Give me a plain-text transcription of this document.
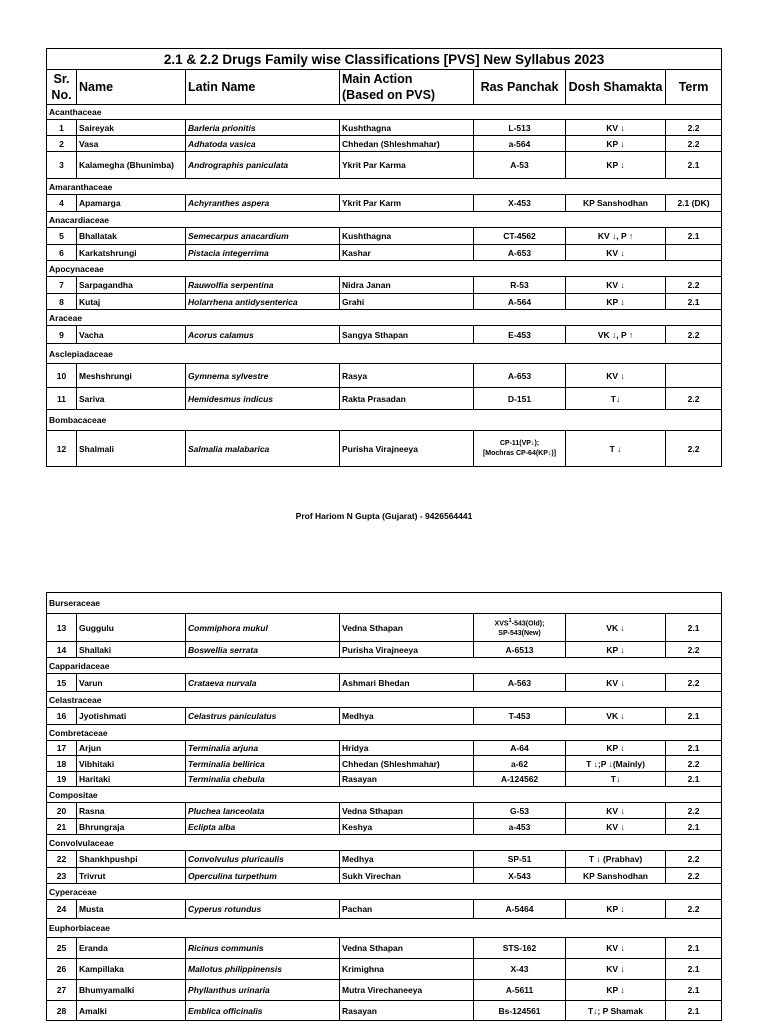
2.1 & 2.2 Drugs Family wise Classifications [PVS] New Syllabus 2023						
Sr.
No.	Name	Latin Name	Main Action
(Based on PVS)	Ras Panchak	Dosh Shamakta	Term
Acanthaceae						
1	Saireyak	Barleria prionitis	Kushthagna	L-513	KV ↓	2.2
2	Vasa	Adhatoda vasica	Chhedan (Shleshmahar)	a-564	KP ↓	2.2
3	Kalamegha (Bhunimba)	Andrographis paniculata	Ykrit Par Karma	A-53	KP ↓	2.1
Amaranthaceae						
4	Apamarga	Achyranthes aspera	Ykrit Par Karm	X-453	KP Sanshodhan	2.1 (DK)
Anacardiaceae						
5	Bhallatak	Semecarpus anacardium	Kushthagna	CT-4562	KV ↓, P ↑	2.1
6	Karkatshrungi	Pistacia integerrima	Kashar	A-653	KV ↓	
Apocynaceae						
7	Sarpagandha	Rauwolfia serpentina	Nidra Janan	R-53	KV ↓	2.2
8	Kutaj	Holarrhena antidysenterica	Grahi	A-564	KP ↓	2.1
Araceae						
9	Vacha	Acorus calamus	Sangya Sthapan	E-453	VK ↓, P ↑	2.2
Asclepiadaceae						
10	Meshshrungi	Gymnema sylvestre	Rasya	A-653	KV ↓	
11	Sariva	Hemidesmus indicus	Rakta Prasadan	D-151	T↓	2.2
Bombacaceae						
12	Shalmali	Salmalia malabarica	Purisha Virajneeya	CP-11(VP↓);
[Mochras CP-64(KP↓)]	T ↓	2.2
Prof Hariom N Gupta (Gujarat) - 9426564441
Burseraceae						
13	Guggulu	Commiphora mukul	Vedna Sthapan	XVS$^1$-543(Old);
SP-543(New)	VK ↓	2.1
14	Shallaki	Boswellia serrata	Purisha Virajneeya	A-6513	KP ↓	2.2
Capparidaceae						
15	Varun	Crataeva nurvala	Ashmari Bhedan	A-563	KV ↓	2.2
Celastraceae						
16	Jyotishmati	Celastrus paniculatus	Medhya	T-453	VK ↓	2.1
Combretaceae						
17	Arjun	Terminalia arjuna	Hridya	A-64	KP ↓	2.1
18	Vibhitaki	Terminalia bellirica	Chhedan (Shleshmahar)	a-62	T ↓;P ↓(Mainly)	2.2
19	Haritaki	Terminalia chebula	Rasayan	A-124562	T↓	2.1
Compositae						
20	Rasna	Pluchea lanceolata	Vedna Sthapan	G-53	KV ↓	2.2
21	Bhrungraja	Eclipta alba	Keshya	a-453	KV ↓	2.1
Convolvulaceae						
22	Shankhpushpi	Convolvulus pluricaulis	Medhya	SP-51	T ↓ (Prabhav)	2.2
23	Trivrut	Operculina turpethum	Sukh Virechan	X-543	KP Sanshodhan	2.2
Cyperaceae						
24	Musta	Cyperus rotundus	Pachan	A-5464	KP ↓	2.2
Euphorbiaceae						
25	Eranda	Ricinus communis	Vedna Sthapan	STS-162	KV ↓	2.1
26	Kampillaka	Mallotus philippinensis	Krimighna	X-43	KV ↓	2.1
27	Bhumyamalki	Phyllanthus urinaria	Mutra Virechaneeya	A-5611	KP ↓	2.1
28	Amalki	Emblica officinalis	Rasayan	Bs-124561	T↓; P Shamak	2.1
